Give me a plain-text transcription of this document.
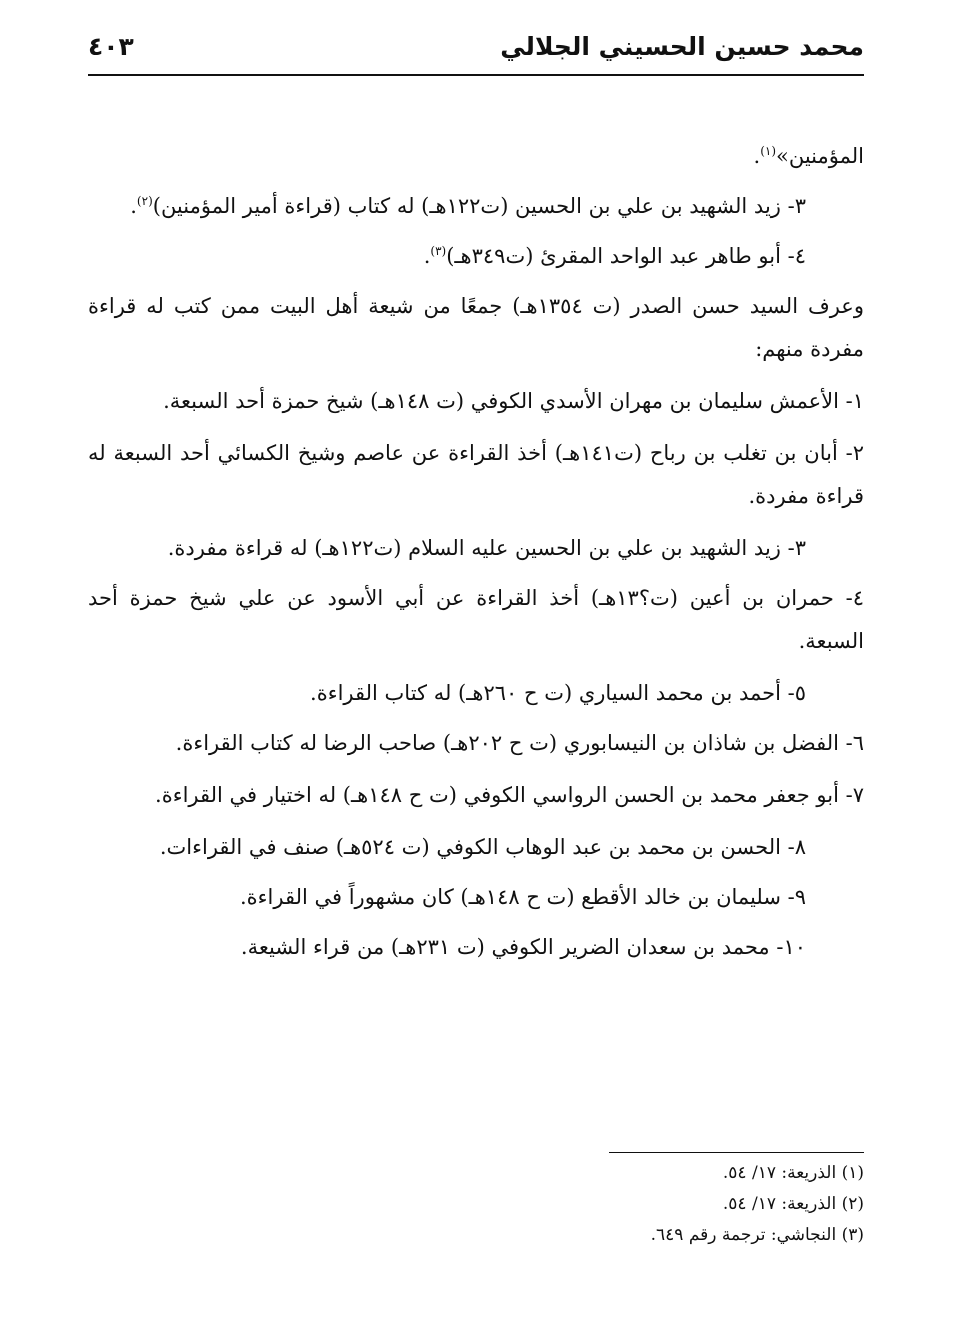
محمد حسين الحسيني الجلالي
٤٠٣

المؤمنين»$^{(١)}$.

٣- زيد الشهيد بن علي بن الحسين (ت١٢٢هـ) له كتاب (قراءة أمير المؤمنين)$^{(٢)}$.

٤- أبو طاهر عبد الواحد المقرئ (ت٣٤٩هـ)$^{(٣)}$.

وعرف السيد حسن الصدر (ت ١٣٥٤هـ) جمعًا من شيعة أهل البيت ممن كتب له قراءة مفردة منهم:

١- الأعمش سليمان بن مهران الأسدي الكوفي (ت ١٤٨هـ) شيخ حمزة أحد السبعة.

٢- أبان بن تغلب بن رباح (ت١٤١هـ) أخذ القراءة عن عاصم وشيخ الكسائي أحد السبعة له قراءة مفردة.

٣- زيد الشهيد بن علي بن الحسين عليه السلام (ت١٢٢هـ) له قراءة مفردة.

٤- حمران بن أعين (ت؟١٣هـ) أخذ القراءة عن أبي الأسود عن علي شيخ حمزة أحد السبعة.

٥- أحمد بن محمد السياري (ت ح ٢٦٠هـ) له كتاب القراءة.

٦- الفضل بن شاذان بن النيسابوري (ت ح ٢٠٢هـ) صاحب الرضا له كتاب القراءة.

٧- أبو جعفر محمد بن الحسن الرواسي الكوفي (ت ح ١٤٨هـ) له اختيار في القراءة.

٨- الحسن بن محمد بن عبد الوهاب الكوفي (ت ٥٢٤هـ) صنف في القراءات.

٩- سليمان بن خالد الأقطع (ت ح ١٤٨هـ) كان مشهوراً في القراءة.

١٠- محمد بن سعدان الضرير الكوفي (ت ٢٣١هـ) من قراء الشيعة.

(١) الذريعة: ١٧/ ٥٤.

(٢) الذريعة: ١٧/ ٥٤.

(٣) النجاشي: ترجمة رقم ٦٤٩.
